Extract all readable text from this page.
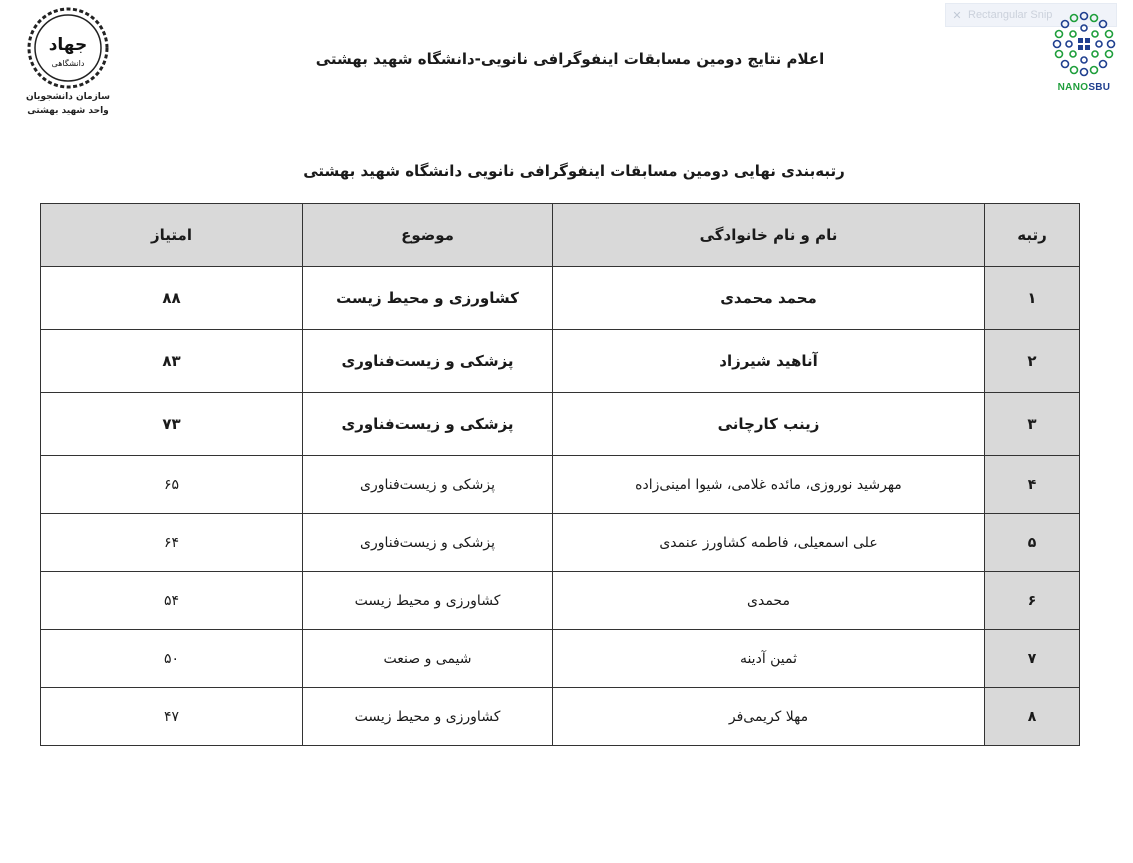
✕ Rectangular Snip
جهاد
دانشگاهی
سازمان دانشجویان
واحد شهید بهشتی
NANOSBU
اعلام نتایج دومین مسابقات اینفوگرافی نانویی-دانشگاه شهید بهشتی
رتبه‌بندی نهایی دومین مسابقات اینفوگرافی نانویی دانشگاه شهید بهشتی
رتبه	نام و نام خانوادگی	موضوع	امتیاز
۱	محمد محمدی	کشاورزی و محیط زیست	۸۸
۲	آناهید شیرزاد	پزشکی و زیست‌فناوری	۸۳
۳	زینب کارچانی	پزشکی و زیست‌فناوری	۷۳
۴	مهرشید نوروزی، مائده غلامی، شیوا امینی‌زاده	پزشکی و زیست‌فناوری	۶۵
۵	علی اسمعیلی، فاطمه کشاورز عنمدی	پزشکی و زیست‌فناوری	۶۴
۶	محمدی	کشاورزی و محیط زیست	۵۴
۷	ثمین آدینه	شیمی و صنعت	۵۰
۸	مهلا کریمی‌فر	کشاورزی و محیط زیست	۴۷
